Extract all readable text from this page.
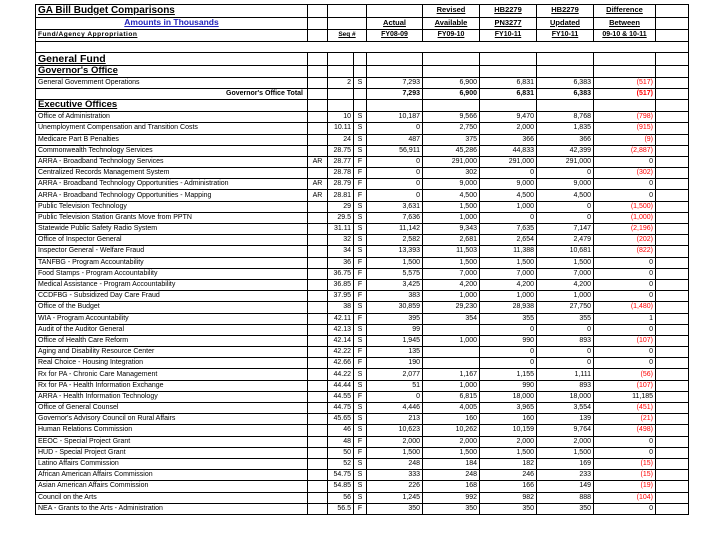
GA Bill Budget Comparisons					Revised	HB2279	HB2279	Difference	
Amounts in Thousands				Actual	Available	PN3277	Updated	Between	
Fund/Agency Appropriation		Seq #		FY08-09	FY09-10	FY10-11	FY10-11	09-10 & 10-11	

General Fund									
Governor's Office									
General Government Operations		2	S	7,293	6,900	6,831	6,383	(517)	
Governor's Office Total				7,293	6,900	6,831	6,383	(517)	
Executive Offices									
Office of Administration		10	S	10,187	9,566	9,470	8,768	(798)	
Unemployment Compensation and Transition Costs		10.11	S	0	2,750	2,000	1,835	(915)	
Medicare Part B Penalties		24	S	487	375	366	366	(9)	
Commonwealth Technology Services		28.75	S	56,911	45,286	44,833	42,399	(2,887)	
ARRA - Broadband Technology Services	AR	28.77	F	0	291,000	291,000	291,000	0	
Centralized Records Management System		28.78	F	0	302	0	0	(302)	
ARRA - Broadband Technology Opportunities - Administration	AR	28.79	F	0	9,000	9,000	9,000	0	
ARRA - Broadband Technology Opportunities - Mapping	AR	28.81	F	0	4,500	4,500	4,500	0	
Public Television Technology		29	S	3,631	1,500	1,000	0	(1,500)	
Public Television Station Grants Move from PPTN		29.5	S	7,636	1,000	0	0	(1,000)	
Statewide Public Safety Radio System		31.11	S	11,142	9,343	7,635	7,147	(2,196)	
Office of Inspector General		32	S	2,582	2,681	2,654	2,479	(202)	
Inspector General - Welfare Fraud		34	S	13,393	11,503	11,388	10,681	(822)	
TANFBG - Program Accountability		36	F	1,500	1,500	1,500	1,500	0	
Food Stamps - Program Accountability		36.75	F	5,575	7,000	7,000	7,000	0	
Medical Assistance - Program Accountability		36.85	F	3,425	4,200	4,200	4,200	0	
CCDFBG - Subsidized Day Care Fraud		37.95	F	383	1,000	1,000	1,000	0	
Office of the Budget		38	S	30,859	29,230	28,938	27,750	(1,480)	
WIA - Program Accountability		42.11	F	395	354	355	355	1	
Audit of the Auditor General		42.13	S	99		0	0	0	
Office of Health Care Reform		42.14	S	1,945	1,000	990	893	(107)	
Aging and Disability Resource Center		42.22	F	135		0	0	0	
Real Choice - Housing Integration		42.66	F	190		0	0	0	
Rx for PA - Chronic Care Management		44.22	S	2,077	1,167	1,155	1,111	(56)	
Rx for PA - Health Information Exchange		44.44	S	51	1,000	990	893	(107)	
ARRA - Health Information Technology		44.55	F	0	6,815	18,000	18,000	11,185	
Office of General Counsel		44.75	S	4,446	4,005	3,965	3,554	(451)	
Governor's Advisory Council on Rural Affairs		45.65	S	213	160	160	139	(21)	
Human Relations Commission		46	S	10,623	10,262	10,159	9,764	(498)	
EEOC - Special Project Grant		48	F	2,000	2,000	2,000	2,000	0	
HUD - Special Project Grant		50	F	1,500	1,500	1,500	1,500	0	
Latino Affairs Commission		52	S	248	184	182	169	(15)	
African American Affairs Commission		54.75	S	333	248	246	233	(15)	
Asian American Affairs Commission		54.85	S	226	168	166	149	(19)	
Council on the Arts		56	S	1,245	992	982	888	(104)	
NEA - Grants to the Arts - Administration		56.5	F	350	350	350	350	0	
